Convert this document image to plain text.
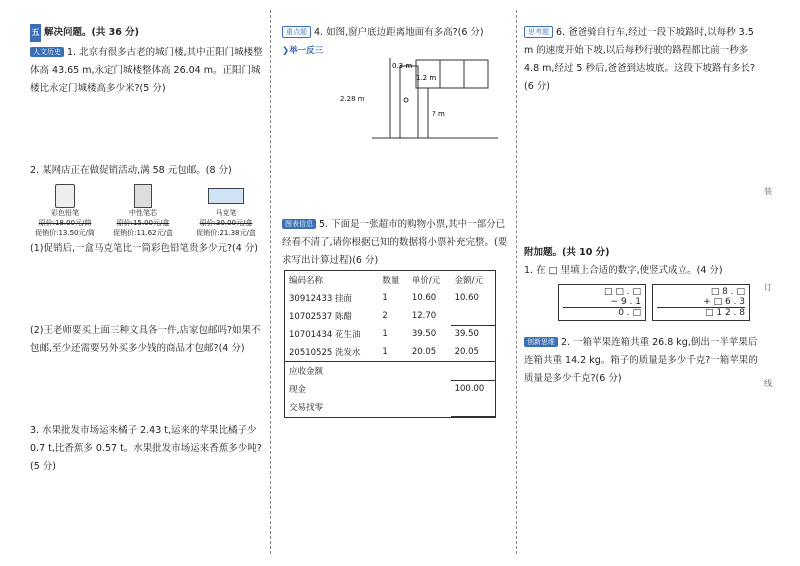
五 解决问题。(共 36 分)
人文历史 1. 北京有很多古老的城门楼,其中正阳门城楼整体高 43.65 m,永定门城楼整体高 26.04 m。正阳门城楼比永定门城楼高多少米?(5 分)
2. 某网店正在做促销活动,满 58 元包邮。(8 分)
彩色铅笔
原价:18.00元/筒
促销价:13.50元/筒
中性笔芯
原价:15.00元/盒
促销价:11.62元/盒
马克笔
原价:30.00元/盒
促销价:21.38元/盒
(1)促销后,一盒马克笔比一筒彩色铅笔贵多少元?(4 分)
(2)王老师要买上面三种文具各一件,店家包邮吗?如果不包邮,至少还需要另外买多少钱的商品才包邮?(4 分)
3. 水果批发市场运来橘子 2.43 t,运来的苹果比橘子少 0.7 t,比香蕉多 0.57 t。水果批发市场运来香蕉多少吨?(5 分)
重点题 4. 如图,窗户底边距离地面有多高?(6 分)
❯举一反三
0.3 m
1.2 m
? m
2.28 m
图表信息 5. 下面是一张超市的购物小票,其中一部分已经看不清了,请你根据已知的数据将小票补充完整。(要求写出计算过程)(6 分)
编码名称	数量	单价/元	金额/元
30912433 挂面	1	10.60	10.60
10702537 陈醋	2	12.70	
10701434 花生油	1	39.50	39.50
20510525 洗发水	1	20.05	20.05
应收金额			
现金			100.00
交易找零			
思考题 6. 爸爸骑自行车,经过一段下坡路时,以每秒 3.5 m 的速度开始下坡,以后每秒行驶的路程都比前一秒多4.8 m,经过 5 秒后,爸爸到达坡底。这段下坡路有多长?(6 分)
附加题。(共 10 分)
1. 在 □ 里填上合适的数字,使竖式成立。(4 分)
□ □ . □
− 9 . 1
0 . □
□ 8 . □
+ □ 6 . 3
□ 1 2 . 8
创新思维 2. 一箱苹果连箱共重 26.8 kg,倒出一半苹果后连箱共重 14.2 kg。箱子的质量是多少千克?一箱苹果的质量是多少千克?(6 分)
装
订
线
